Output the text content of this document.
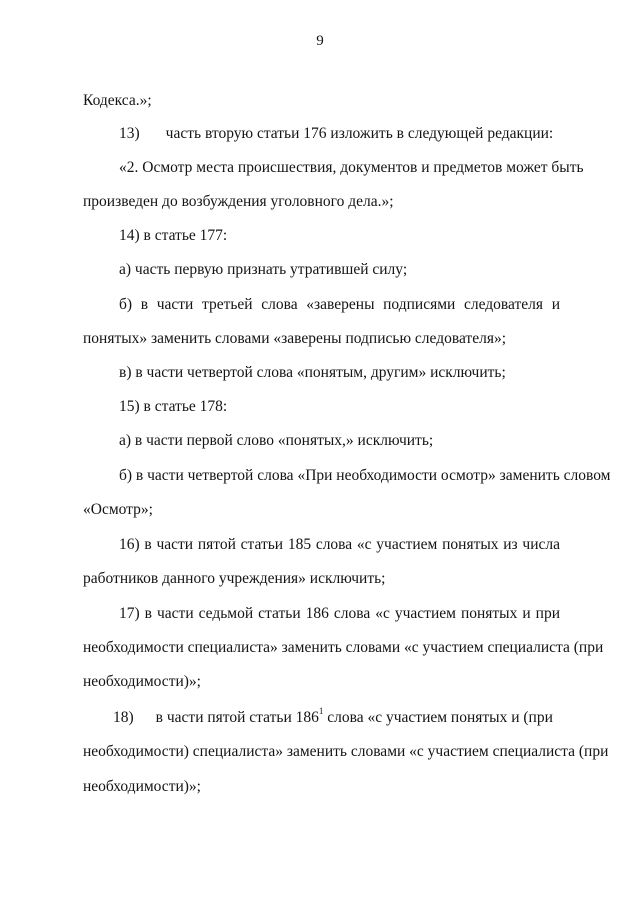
9
Кодекса.»;
13) часть вторую статьи 176 изложить в следующей редакции:
«2. Осмотр места происшествия, документов и предметов может быть
произведен до возбуждения уголовного дела.»;
14) в статье 177:
а) часть первую признать утратившей силу;
б) в части третьей слова «заверены подписями следователя и
понятых» заменить словами «заверены подписью следователя»;
в) в части четвертой слова «понятым, другим» исключить;
15) в статье 178:
а) в части первой слово «понятых,» исключить;
б) в части четвертой слова «При необходимости осмотр» заменить словом
«Осмотр»;
16) в части пятой статьи 185 слова «с участием понятых из числа
работников данного учреждения» исключить;
17) в части седьмой статьи 186 слова «с участием понятых и при
необходимости специалиста» заменить словами «с участием специалиста (при
необходимости)»;
18) в части пятой статьи $186^1$ слова «с участием понятых и (при
необходимости) специалиста» заменить словами «с участием специалиста (при
необходимости)»;
